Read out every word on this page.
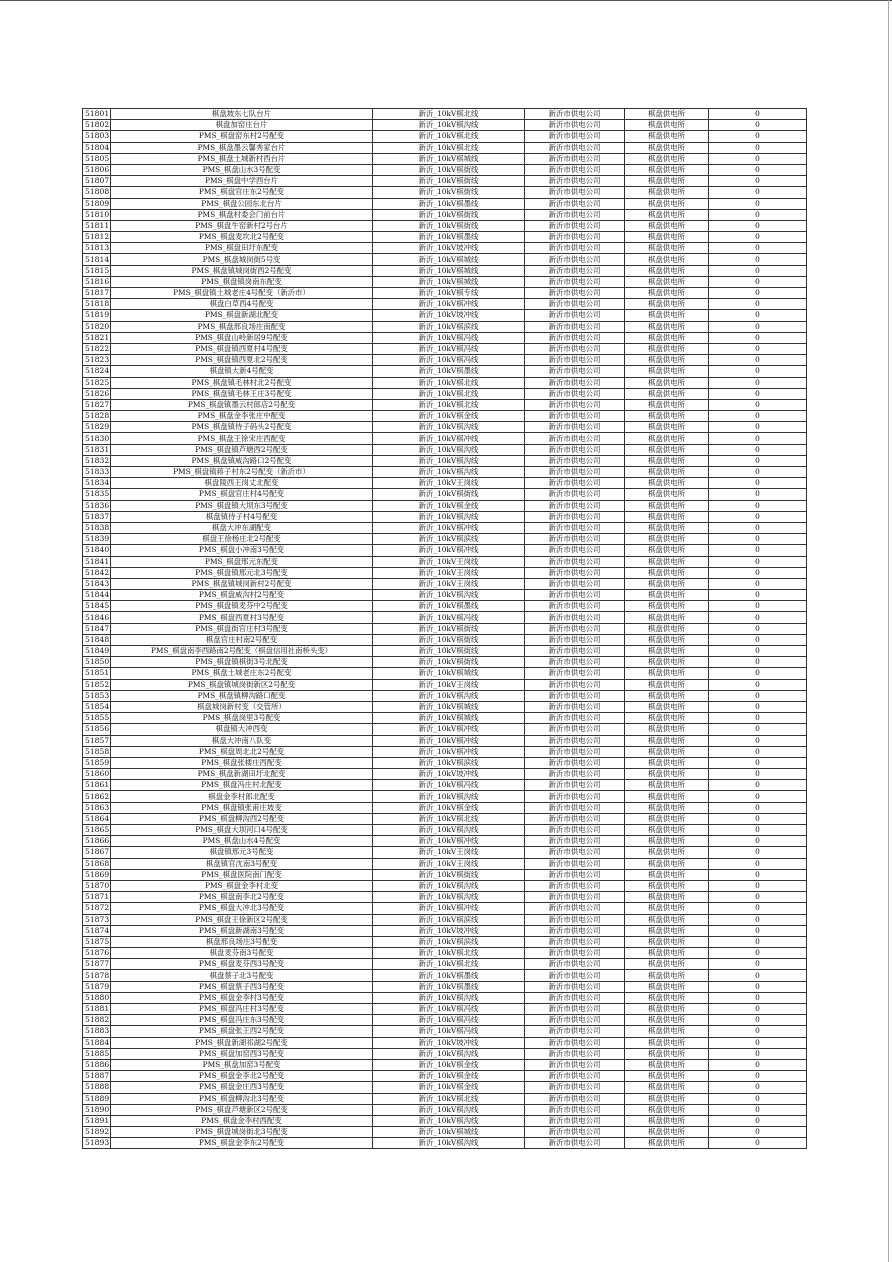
51801	棋盘坡东七队台片	新沂_10kV棋北线	新沂市供电公司	棋盘供电所	0
51802	棋盘加窑庄台片	新沂_10kV棋沟线	新沂市供电公司	棋盘供电所	0
51803	PMS_棋盘窑东村2号配变	新沂_10kV棋北线	新沂市供电公司	棋盘供电所	0
51804	PMS_棋盘墨云馨秀家台片	新沂_10kV棋北线	新沂市供电公司	棋盘供电所	0
51805	PMS_棋盘土城新村西台片	新沂_10kV棋城线	新沂市供电公司	棋盘供电所	0
51806	PMS_棋盘山水3号配变	新沂_10kV棋街线	新沂市供电公司	棋盘供电所	0
51807	PMS_棋盘中学西台片	新沂_10kV棋街线	新沂市供电公司	棋盘供电所	0
51808	PMS_棋盘官庄东2号配变	新沂_10kV棋街线	新沂市供电公司	棋盘供电所	0
51809	PMS_棋盘公园东北台片	新沂_10kV棋墨线	新沂市供电公司	棋盘供电所	0
51810	PMS_棋盘村委会门前台片	新沂_10kV棋街线	新沂市供电公司	棋盘供电所	0
51811	PMS_棋盘牛窑新村2号台片	新沂_10kV棋街线	新沂市供电公司	棋盘供电所	0
51812	PMS_棋盘麦坎北2号配变	新沂_10kV棋墨线	新沂市供电公司	棋盘供电所	0
51813	PMS_棋盘田圩东配变	新沂_10kV坡冲线	新沂市供电公司	棋盘供电所	0
51814	PMS_棋盘城岗街5号变	新沂_10kV棋城线	新沂市供电公司	棋盘供电所	0
51815	PMS_棋盘镇城岗街西2号配变	新沂_10kV棋城线	新沂市供电公司	棋盘供电所	0
51816	PMS_棋盘镇岗南东配变	新沂_10kV棋城线	新沂市供电公司	棋盘供电所	0
51817	PMS_棋盘镇土城老庄4号配变（新沂市）	新沂_10kV棋专线	新沂市供电公司	棋盘供电所	0
51818	棋盘白草西4号配变	新沂_10kV棋冲线	新沂市供电公司	棋盘供电所	0
51819	PMS_棋盘新湖北配变	新沂_10kV坡冲线	新沂市供电公司	棋盘供电所	0
51820	PMS_棋盘邢良场庄南配变	新沂_10kV棋滨线	新沂市供电公司	棋盘供电所	0
51821	PMS_棋盘山岭新居9号配变	新沂_10kV棋冯线	新沂市供电公司	棋盘供电所	0
51822	PMS_棋盘镇西夏村4号配变	新沂_10kV棋冯线	新沂市供电公司	棋盘供电所	0
51823	PMS_棋盘镇西夏北2号配变	新沂_10kV棋冯线	新沂市供电公司	棋盘供电所	0
51824	棋盘镇大新4号配变	新沂_10kV棋墨线	新沂市供电公司	棋盘供电所	0
51825	PMS_棋盘镇毛林村北2号配变	新沂_10kV棋北线	新沂市供电公司	棋盘供电所	0
51826	PMS_棋盘镇毛林王庄3号配变	新沂_10kV棋北线	新沂市供电公司	棋盘供电所	0
51827	PMS_棋盘镇墨云村郎店2号配变	新沂_10kV棋北线	新沂市供电公司	棋盘供电所	0
51828	PMS_棋盘金李张庄中配变	新沂_10kV棋金线	新沂市供电公司	棋盘供电所	0
51829	PMS_棋盘镇侍子码头2号配变	新沂_10kV棋沟线	新沂市供电公司	棋盘供电所	0
51830	PMS_棋盘王徐宋庄西配变	新沂_10kV棋冲线	新沂市供电公司	棋盘供电所	0
51831	PMS_棋盘镇芦塘西2号配变	新沂_10kV棋沟线	新沂市供电公司	棋盘供电所	0
51832	PMS_棋盘镇威沟路口2号配变	新沂_10kV棋沟线	新沂市供电公司	棋盘供电所	0
51833	PMS_棋盘镇蒋子村东2号配变（新沂市）	新沂_10kV棋沟线	新沂市供电公司	棋盘供电所	0
51834	棋盘陵西王岗丈北配变	新沂_10kV王岗线	新沂市供电公司	棋盘供电所	0
51835	PMS_棋盘官庄村4号配变	新沂_10kV棋街线	新沂市供电公司	棋盘供电所	0
51836	PMS_棋盘镇大坝东3号配变	新沂_10kV棋金线	新沂市供电公司	棋盘供电所	0
51837	棋盘镇侍子村4号配变	新沂_10kV棋沟线	新沂市供电公司	棋盘供电所	0
51838	棋盘大冲东湖配变	新沂_10kV棋冲线	新沂市供电公司	棋盘供电所	0
51839	棋盘王徐杨庄北2号配变	新沂_10kV棋滨线	新沂市供电公司	棋盘供电所	0
51840	PMS_棋盘小冲南3号配变	新沂_10kV棋冲线	新沂市供电公司	棋盘供电所	0
51841	PMS_棋盘邢元东配变	新沂_10kV王岗线	新沂市供电公司	棋盘供电所	0
51842	PMS_棋盘镇邢元北3号配变	新沂_10kV王岗线	新沂市供电公司	棋盘供电所	0
51843	PMS_棋盘镇城岗新村2号配变	新沂_10kV王岗线	新沂市供电公司	棋盘供电所	0
51844	PMS_棋盘威沟村2号配变	新沂_10kV棋沟线	新沂市供电公司	棋盘供电所	0
51845	PMS_棋盘镇麦芬中2号配变	新沂_10kV棋墨线	新沂市供电公司	棋盘供电所	0
51846	PMS_棋盘西夏村3号配变	新沂_10kV棋冯线	新沂市供电公司	棋盘供电所	0
51847	PMS_棋盘街官庄村3号配变	新沂_10kV棋街线	新沂市供电公司	棋盘供电所	0
51848	棋盘官庄村南2号配变	新沂_10kV棋街线	新沂市供电公司	棋盘供电所	0
51849	PMS_棋盘南李西路南2号配变（棋盘信用社南桥头变）	新沂_10kV棋街线	新沂市供电公司	棋盘供电所	0
51850	PMS_棋盘镇棋街3号北配变	新沂_10kV棋街线	新沂市供电公司	棋盘供电所	0
51851	PMS_棋盘土城老庄东2号配变	新沂_10kV棋城线	新沂市供电公司	棋盘供电所	0
51852	PMS_棋盘镇城岗街新区2号配变	新沂_10kV王岗线	新沂市供电公司	棋盘供电所	0
51853	PMS_棋盘镇柳沟路口配变	新沂_10kV棋沟线	新沂市供电公司	棋盘供电所	0
51854	棋盘城岗新村变（交管所）	新沂_10kV棋城线	新沂市供电公司	棋盘供电所	0
51855	PMS_棋盘岗里3号配变	新沂_10kV棋城线	新沂市供电公司	棋盘供电所	0
51856	棋盘镇大冲西变	新沂_10kV棋冲线	新沂市供电公司	棋盘供电所	0
51857	棋盘大冲南八队变	新沂_10kV棋冲线	新沂市供电公司	棋盘供电所	0
51858	PMS_棋盘周北北2号配变	新沂_10kV棋冲线	新沂市供电公司	棋盘供电所	0
51859	PMS_棋盘张楼庄西配变	新沂_10kV棋滨线	新沂市供电公司	棋盘供电所	0
51860	PMS_棋盘新湖田圩北配变	新沂_10kV坡冲线	新沂市供电公司	棋盘供电所	0
51861	PMS_棋盘冯庄村北配变	新沂_10kV棋冯线	新沂市供电公司	棋盘供电所	0
51862	棋盘金李村郎北配变	新沂_10kV棋沟线	新沂市供电公司	棋盘供电所	0
51863	PMS_棋盘镇张甫庄坡变	新沂_10kV棋金线	新沂市供电公司	棋盘供电所	0
51864	PMS_棋盘柳沟西2号配变	新沂_10kV棋北线	新沂市供电公司	棋盘供电所	0
51865	PMS_棋盘大坝河口4号配变	新沂_10kV棋沟线	新沂市供电公司	棋盘供电所	0
51866	PMS_棋盘山水4号配变	新沂_10kV棋冲线	新沂市供电公司	棋盘供电所	0
51867	棋盘镇邢元3号配变	新沂_10kV王岗线	新沂市供电公司	棋盘供电所	0
51868	棋盘镇官沈南3号配变	新沂_10kV王岗线	新沂市供电公司	棋盘供电所	0
51869	PMS_棋盘医院南门配变	新沂_10kV棋街线	新沂市供电公司	棋盘供电所	0
51870	PMS_棋盘金李村北变	新沂_10kV棋沟线	新沂市供电公司	棋盘供电所	0
51871	PMS_棋盘南李北2号配变	新沂_10kV棋沟线	新沂市供电公司	棋盘供电所	0
51872	PMS_棋盘大冲北3号配变	新沂_10kV棋冲线	新沂市供电公司	棋盘供电所	0
51873	PMS_棋盘王徐新区2号配变	新沂_10kV棋滨线	新沂市供电公司	棋盘供电所	0
51874	PMS_棋盘新湖南3号配变	新沂_10kV坡冲线	新沂市供电公司	棋盘供电所	0
51875	棋盘邢良场庄3号配变	新沂_10kV棋滨线	新沂市供电公司	棋盘供电所	0
51876	棋盘麦芬南3号配变	新沂_10kV棋北线	新沂市供电公司	棋盘供电所	0
51877	PMS_棋盘麦芬西3号配变	新沂_10kV棋北线	新沂市供电公司	棋盘供电所	0
51878	棋盘蔡子北3号配变	新沂_10kV棋墨线	新沂市供电公司	棋盘供电所	0
51879	PMS_棋盘蔡子西3号配变	新沂_10kV棋墨线	新沂市供电公司	棋盘供电所	0
51880	PMS_棋盘金李村3号配变	新沂_10kV棋沟线	新沂市供电公司	棋盘供电所	0
51881	PMS_棋盘冯庄村3号配变	新沂_10kV棋冯线	新沂市供电公司	棋盘供电所	0
51882	PMS_棋盘冯庄东3号配变	新沂_10kV棋冯线	新沂市供电公司	棋盘供电所	0
51883	PMS_棋盘张王西2号配变	新沂_10kV棋冯线	新沂市供电公司	棋盘供电所	0
51884	PMS_棋盘新湖祁湖2号配变	新沂_10kV坡冲线	新沂市供电公司	棋盘供电所	0
51885	PMS_棋盘加窑西3号配变	新沂_10kV棋沟线	新沂市供电公司	棋盘供电所	0
51886	PMS_棋盘加窑3号配变	新沂_10kV棋金线	新沂市供电公司	棋盘供电所	0
51887	PMS_棋盘金李北2号配变	新沂_10kV棋金线	新沂市供电公司	棋盘供电所	0
51888	PMS_棋盘金庄西3号配变	新沂_10kV棋金线	新沂市供电公司	棋盘供电所	0
51889	PMS_棋盘柳沟北3号配变	新沂_10kV棋北线	新沂市供电公司	棋盘供电所	0
51890	PMS_棋盘芦塘新区2号配变	新沂_10kV棋沟线	新沂市供电公司	棋盘供电所	0
51891	PMS_棋盘金李村西配变	新沂_10kV棋沟线	新沂市供电公司	棋盘供电所	0
51892	PMS_棋盘城岗街北3号配变	新沂_10kV棋城线	新沂市供电公司	棋盘供电所	0
51893	PMS_棋盘金李东2号配变	新沂_10kV棋沟线	新沂市供电公司	棋盘供电所	0
